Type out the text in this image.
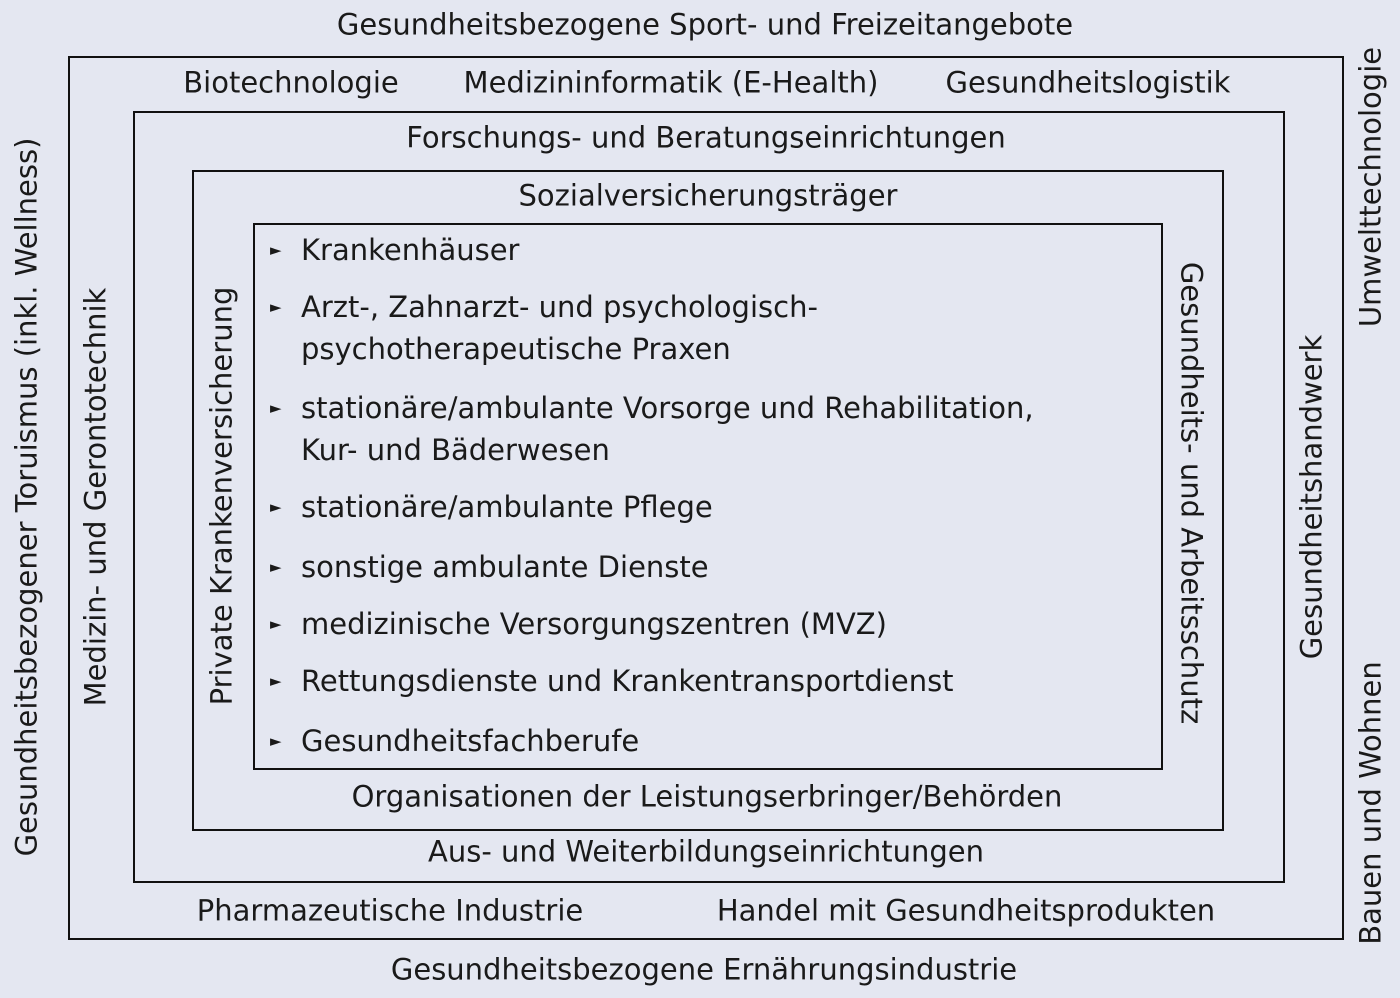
Gesundheitsbezogene Sport- und Freizeitangebote
Gesundheitsbezogene Ernährungsindustrie
Gesundheitsbezogener Toruismus (inkl. Wellness)	Umwelttechnologie
Bauen und Wohnen
Biotechnologie Medizininformatik (E-Health) Gesundheitslogistik
Pharmazeutische Industrie	Handel mit Gesundheitsprodukten
Medizin- und Gerontotechnik	Gesundheitshandwerk
Forschungs- und Beratungseinrichtungen
Aus- und Weiterbildungseinrichtungen
Sozialversicherungsträger
Organisationen der Leistungserbringer/Behörden
Private Krankenversicherung	Gesundheits- und Arbeitsschutz
► Krankenhäuser
► Arzt-, Zahnarzt- und psychologisch-
psychotherapeutische Praxen
► stationäre/ambulante Vorsorge und Rehabilitation,
Kur- und Bäderwesen
► stationäre/ambulante Pflege
► sonstige ambulante Dienste
► medizinische Versorgungszentren (MVZ)
► Rettungsdienste und Krankentransportdienst
► Gesundheitsfachberufe
